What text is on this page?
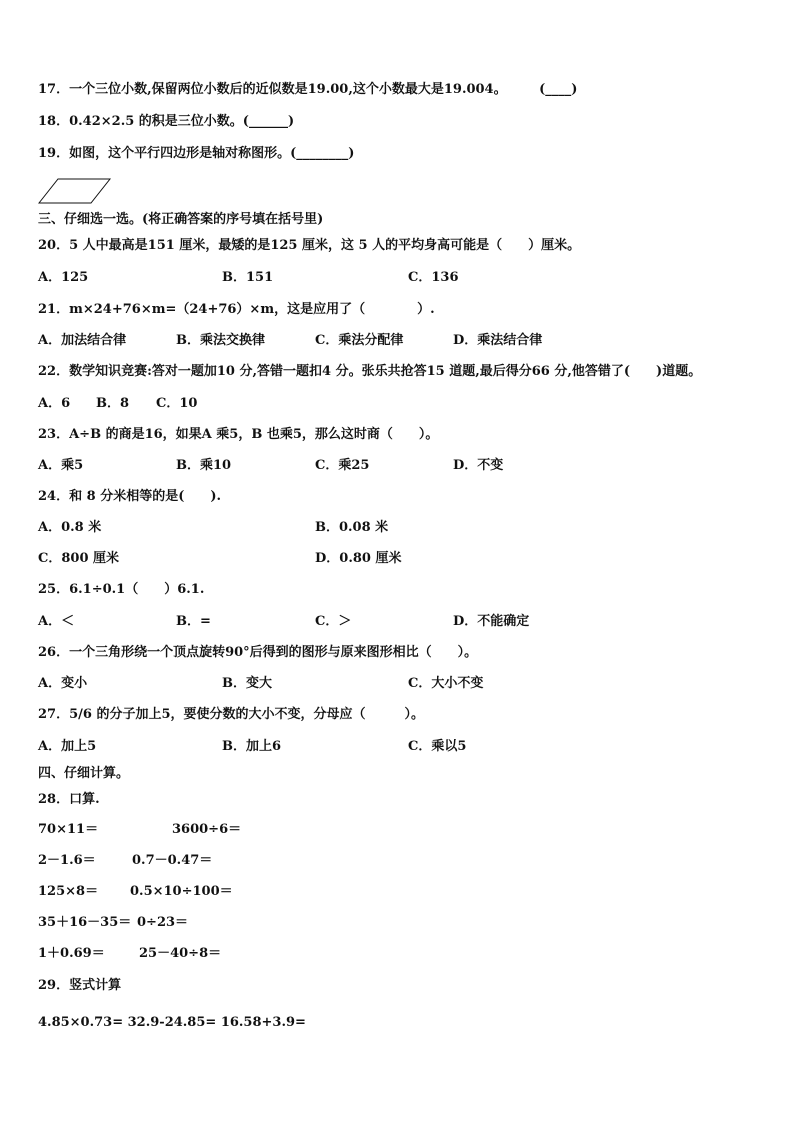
17．一个三位小数,保留两位小数后的近似数是19.00,这个小数最大是19.004。　　　(____)
18．0.42×2.5 的积是三位小数。(______)
19．如图，这个平行四边形是轴对称图形。(________)
三、仔细选一选。(将正确答案的序号填在括号里)
20．5 人中最高是151 厘米，最矮的是125 厘米，这 5 人的平均身高可能是（　　）厘米。
A．125	B．151	C．136
21．m×24+76×m=（24+76）×m，这是应用了（　　　　）.
A．加法结合律	B．乘法交换律	C．乘法分配律	D．乘法结合律
22．数学知识竞赛:答对一题加10 分,答错一题扣4 分。张乐共抢答15 道题,最后得分66 分,他答错了(　　)道题。
A．6 B．8 C．10
23．A÷B 的商是16，如果A 乘5，B 也乘5，那么这时商（　　）。
A．乘5	B．乘10	C．乘25	D．不变
24．和 8 分米相等的是(　　).
A．0.8 米	B．0.08 米
C．800 厘米	D．0.80 厘米
25．6.1÷0.1（　　）6.1.
A．＜	B．=	C．＞	D．不能确定
26．一个三角形绕一个顶点旋转90°后得到的图形与原来图形相比（　　）。
A．变小	B．变大	C．大小不变
27．5/6 的分子加上5，要使分数的大小不变，分母应（　　　）。
A．加上5	B．加上6	C．乘以5
四、仔细计算。
28．口算.
70×11＝	3600÷6＝
2－1.6＝	0.7－0.47＝
125×8＝ 0.5×10÷100＝
35＋16－35＝ 0÷23＝
1＋0.69＝	25－40÷8＝
29．竖式计算
4.85×0.73= 32.9-24.85= 16.58+3.9=
